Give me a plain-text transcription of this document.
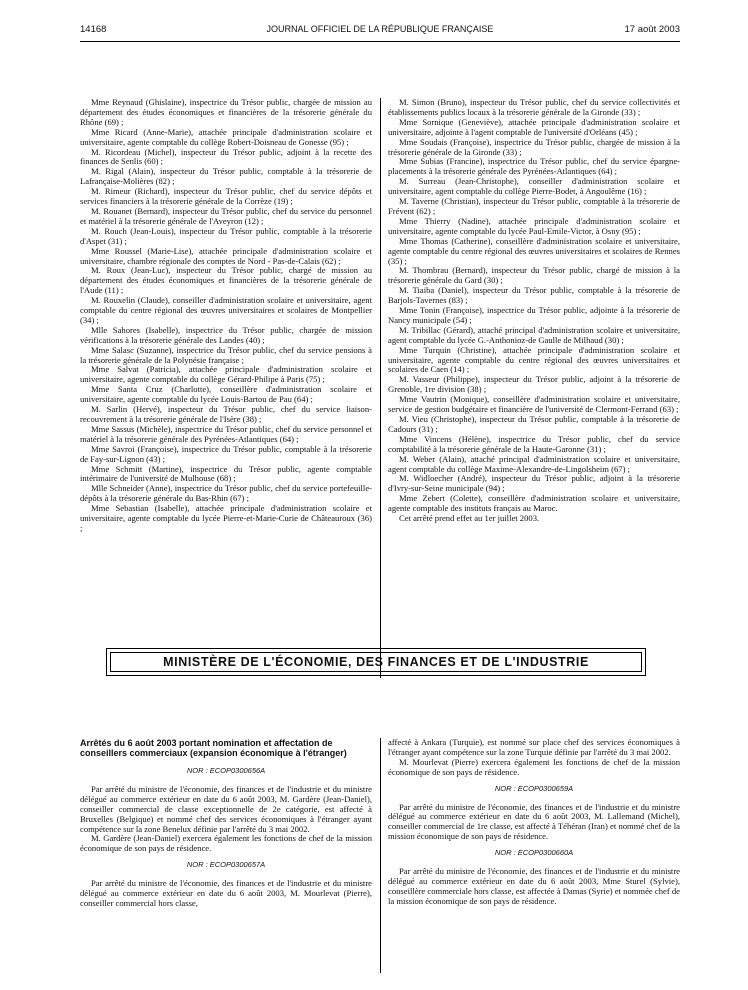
14168	JOURNAL OFFICIEL DE LA RÉPUBLIQUE FRANÇAISE	17 août 2003

Mme Reynaud (Ghislaine), inspectrice du Trésor public, chargée de mission au département des études économiques et financières de la trésorerie générale du Rhône (69) ;

Mme Ricard (Anne-Marie), attachée principale d'administration scolaire et universitaire, agente comptable du collège Robert-Doisneau de Gonesse (95) ;

M. Ricordeau (Michel), inspecteur du Trésor public, adjoint à la recette des finances de Senlis (60) ;

M. Rigal (Alain), inspecteur du Trésor public, comptable à la trésorerie de Lafrançaise-Molières (82) ;

M. Rimeur (Richard), inspecteur du Trésor public, chef du service dépôts et services financiers à la trésorerie générale de la Corrèze (19) ;

M. Rouanet (Bernard), inspecteur du Trésor public, chef du service du personnel et matériel à la trésorerie générale de l'Aveyron (12) ;

M. Rouch (Jean-Louis), inspecteur du Trésor public, comptable à la trésorerie d'Aspet (31) ;

Mme Roussel (Marie-Lise), attachée principale d'administration scolaire et universitaire, chambre régionale des comptes de Nord - Pas-de-Calais (62) ;

M. Roux (Jean-Luc), inspecteur du Trésor public, chargé de mission au département des études économiques et financières de la trésorerie générale de l'Aude (11) ;

M. Rouxelin (Claude), conseiller d'administration scolaire et universitaire, agent comptable du centre régional des œuvres universitaires et scolaires de Montpellier (34) ;

Mlle Sahores (Isabelle), inspectrice du Trésor public, chargée de mission vérifications à la trésorerie générale des Landes (40) ;

Mme Salasc (Suzanne), inspectrice du Trésor public, chef du service pensions à la trésorerie générale de la Polynésie française ;

Mme Salvat (Patricia), attachée principale d'administration scolaire et universitaire, agente comptable du collège Gérard-Philipe à Paris (75) ;

Mme Santa Cruz (Charlotte), conseillère d'administration scolaire et universitaire, agente comptable du lycée Louis-Bartou de Pau (64) ;

M. Sarlin (Hervé), inspecteur du Trésor public, chef du service liaison-recouvrement à la trésorerie générale de l'Isère (38) ;

Mme Sassus (Michèle), inspectrice du Trésor public, chef du service personnel et matériel à la trésorerie générale des Pyrénées-Atlantiques (64) ;

Mme Savroi (Françoise), inspectrice du Trésor public, comptable à la trésorerie de Fay-sur-Lignon (43) ;

Mme Schmitt (Martine), inspectrice du Trésor public, agente comptable intérimaire de l'université de Mulhouse (68) ;

Mlle Schneider (Anne), inspectrice du Trésor public, chef du service portefeuille-dépôts à la trésorerie générale du Bas-Rhin (67) ;

Mme Sebastian (Isabelle), attachée principale d'administration scolaire et universitaire, agente comptable du lycée Pierre-et-Marie-Curie de Châteauroux (36) ;

M. Simon (Bruno), inspecteur du Trésor public, chef du service collectivités et établissements publics locaux à la trésorerie générale de la Gironde (33) ;

Mme Sornique (Geneviève), attachée principale d'administration scolaire et universitaire, adjointe à l'agent comptable de l'université d'Orléans (45) ;

Mme Soudais (Françoise), inspectrice du Trésor public, chargée de mission à la trésorerie générale de la Gironde (33) ;

Mme Subias (Francine), inspectrice du Trésor public, chef du service épargne-placements à la trésorerie générale des Pyrénées-Atlantiques (64) ;

M. Surreau (Jean-Christophe), conseiller d'administration scolaire et universitaire, agent comptable du collège Pierre-Bodet, à Angoulême (16) ;

M. Taverne (Christian), inspecteur du Trésor public, comptable à la trésorerie de Frévent (62) ;

Mme Thierry (Nadine), attachée principale d'administration scolaire et universitaire, agente comptable du lycée Paul-Emile-Victor, à Osny (95) ;

Mme Thomas (Catherine), conseillère d'administration scolaire et universitaire, agente comptable du centre régional des œuvres universitaires et scolaires de Rennes (35) ;

M. Thombrau (Bernard), inspecteur du Trésor public, chargé de mission à la trésorerie générale du Gard (30) ;

M. Tiaiba (Daniel), inspecteur du Trésor public, comptable à la trésorerie de Barjols-Tavernes (83) ;

Mme Tonin (Françoise), inspectrice du Trésor public, adjointe à la trésorerie de Nancy municipale (54) ;

M. Tribillac (Gérard), attaché principal d'administration scolaire et universitaire, agent comptable du lycée G.-Anthonioz-de Gaulle de Milhaud (30) ;

Mme Turquin (Christine), attachée principale d'administration scolaire et universitaire, agente comptable du centre régional des œuvres universitaires et scolaires de Caen (14) ;

M. Vasseur (Philippe), inspecteur du Trésor public, adjoint à la trésorerie de Grenoble, 1re division (38) ;

Mme Vautrin (Monique), conseillère d'administration scolaire et universitaire, service de gestion budgétaire et financière de l'université de Clermont-Ferrand (63) ;

M. Vieu (Christophe), inspecteur du Trésor public, comptable à la trésorerie de Cadours (31) ;

Mme Vincens (Hélène), inspectrice du Trésor public, chef du service comptabilité à la trésorerie générale de la Haute-Garonne (31) ;

M. Weber (Alain), attaché principal d'administration scolaire et universitaire, agent comptable du collège Maxime-Alexandre-de-Lingolsheim (67) ;

M. Widloecher (André), inspecteur du Trésor public, adjoint à la trésorerie d'Ivry-sur-Seine municipale (94) ;

Mme Zebert (Colette), conseillère d'administration scolaire et universitaire, agente comptable des instituts français au Maroc.

Cet arrêté prend effet au 1er juillet 2003.

MINISTÈRE DE L'ÉCONOMIE, DES FINANCES ET DE L'INDUSTRIE
Arrêtés du 6 août 2003 portant nomination et affectation de conseillers commerciaux (expansion économique à l'étranger)
NOR : ECOP0300656A

Par arrêté du ministre de l'économie, des finances et de l'industrie et du ministre délégué au commerce extérieur en date du 6 août 2003, M. Gardère (Jean-Daniel), conseiller commercial de classe exceptionnelle de 2e catégorie, est affecté à Bruxelles (Belgique) et nommé chef des services économiques à l'étranger ayant compétence sur la zone Benelux définie par l'arrêté du 3 mai 2002.

M. Gardère (Jean-Daniel) exercera également les fonctions de chef de la mission économique de son pays de résidence.

NOR : ECOP0300657A

Par arrêté du ministre de l'économie, des finances et de l'industrie et du ministre délégué au commerce extérieur en date du 6 août 2003, M. Mourlevat (Pierre), conseiller commercial hors classe,

affecté à Ankara (Turquie), est nommé sur place chef des services économiques à l'étranger ayant compétence sur la zone Turquie définie par l'arrêté du 3 mai 2002.

M. Mourlevat (Pierre) exercera également les fonctions de chef de la mission économique de son pays de résidence.

NOR : ECOP0300659A

Par arrêté du ministre de l'économie, des finances et de l'industrie et du ministre délégué au commerce extérieur en date du 6 août 2003, M. Lallemand (Michel), conseiller commercial de 1re classe, est affecté à Téhéran (Iran) et nommé chef de la mission économique de son pays de résidence.

NOR : ECOP0300660A

Par arrêté du ministre de l'économie, des finances et de l'industrie et du ministre délégué au commerce extérieur en date du 6 août 2003, Mme Sturel (Sylvie), conseillère commerciale hors classe, est affectée à Damas (Syrie) et nommée chef de la mission économique de son pays de résidence.
